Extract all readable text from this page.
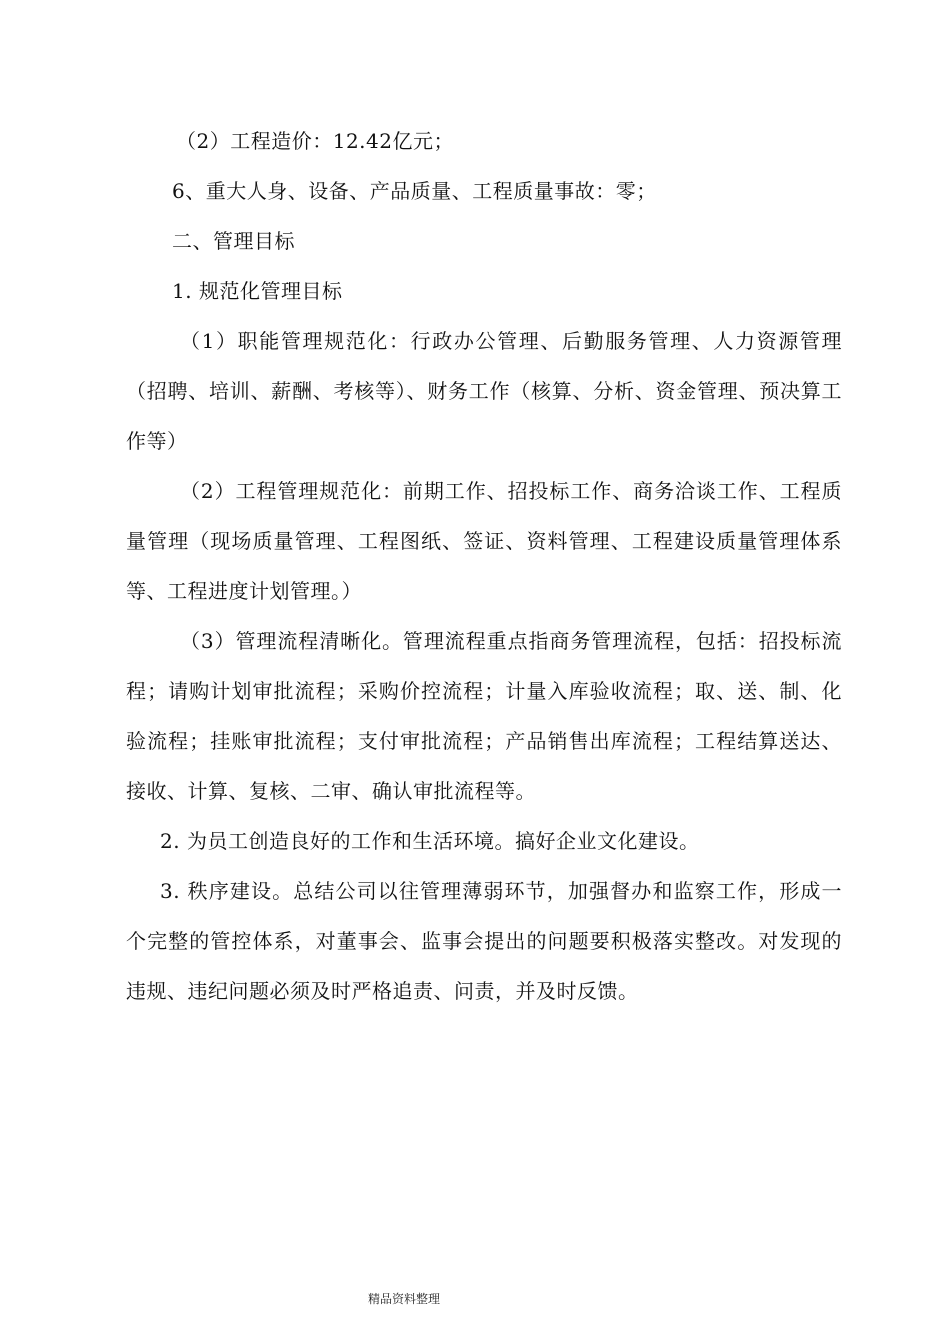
（2）工程造价：12.42亿元；

6、重大人身、设备、产品质量、工程质量事故：零；

二、管理目标

1. 规范化管理目标

（1）职能管理规范化：行政办公管理、后勤服务管理、人力资源管理（招聘、培训、薪酬、考核等）、财务工作（核算、分析、资金管理、预决算工作等）

（2）工程管理规范化：前期工作、招投标工作、商务洽谈工作、工程质量管理（现场质量管理、工程图纸、签证、资料管理、工程建设质量管理体系等、工程进度计划管理。）

（3）管理流程清晰化。管理流程重点指商务管理流程，包括：招投标流程；请购计划审批流程；采购价控流程；计量入库验收流程；取、送、制、化验流程；挂账审批流程；支付审批流程；产品销售出库流程；工程结算送达、接收、计算、复核、二审、确认审批流程等。

2. 为员工创造良好的工作和生活环境。搞好企业文化建设。

3. 秩序建设。总结公司以往管理薄弱环节，加强督办和监察工作，形成一个完整的管控体系，对董事会、监事会提出的问题要积极落实整改。对发现的违规、违纪问题必须及时严格追责、问责，并及时反馈。

精品资料整理
